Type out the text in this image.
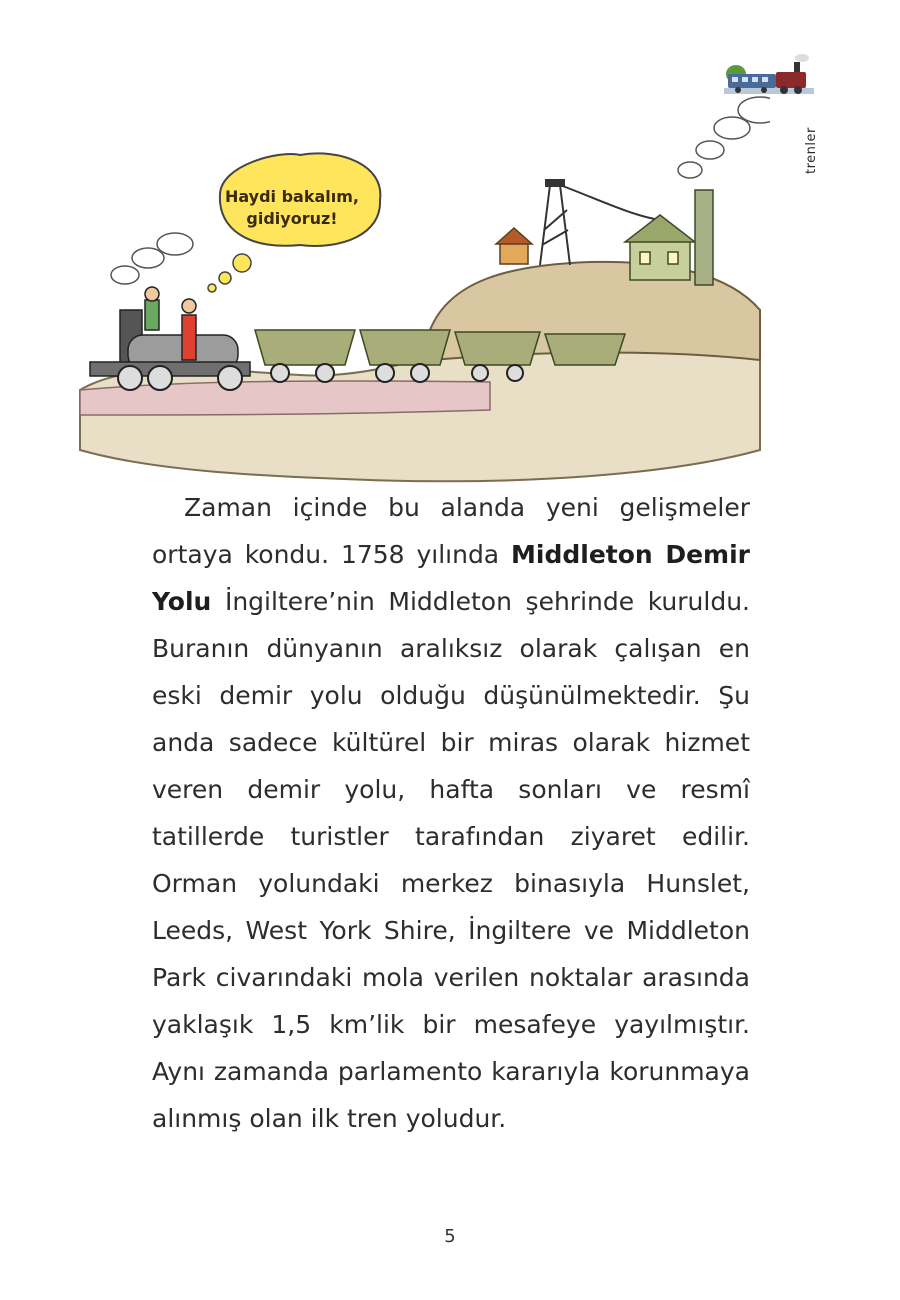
trenler
Haydi bakalım,
gidiyoruz!

Zaman içinde bu alanda yeni gelişmeler ortaya kondu. 1758 yılında Middleton Demir Yolu İngiltere’nin Middleton şehrinde kuruldu. Buranın dünyanın aralıksız olarak çalışan en eski demir yolu olduğu düşünülmektedir. Şu anda sadece kültürel bir miras olarak hizmet veren demir yolu, hafta sonları ve resmî tatillerde turistler tarafından ziyaret edilir. Orman yolundaki merkez binasıyla Hunslet, Leeds, West York Shire, İngiltere ve Middleton Park civarındaki mola verilen noktalar arasında yaklaşık 1,5 km’lik bir mesafeye yayılmıştır. Aynı zamanda parlamento kararıyla korunmaya alınmış olan ilk tren yoludur.

5
